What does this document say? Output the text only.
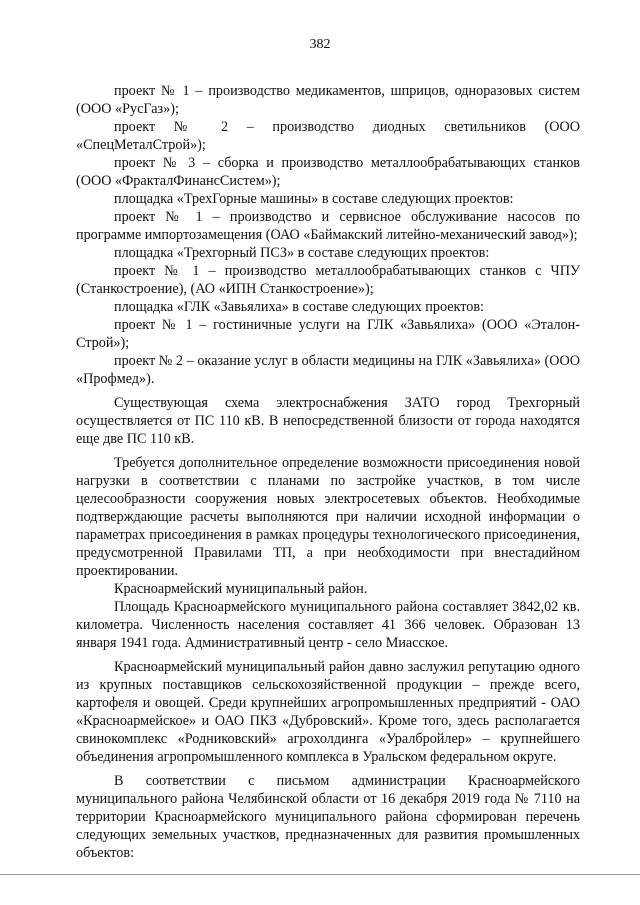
382

проект № 1 – производство медикаментов, шприцов, одноразовых систем (ООО «РусГаз»);

проект № 2 – производство диодных светильников (ООО «СпецМеталСтрой»);

проект № 3 – сборка и производство металлообрабатывающих станков (ООО «ФракталФинансСистем»);

площадка «ТрехГорные машины» в составе следующих проектов:

проект № 1 – производство и сервисное обслуживание насосов по программе импортозамещения (ОАО «Баймакский литейно-механический завод»);

площадка «Трехгорный ПСЗ» в составе следующих проектов:

проект № 1 – производство металлообрабатывающих станков с ЧПУ (Станкостроение), (АО «ИПН Станкостроение»);

площадка «ГЛК «Завьялиха» в составе следующих проектов:

проект № 1 – гостиничные услуги на ГЛК «Завьялиха» (ООО «Эталон-Строй»);

проект № 2 – оказание услуг в области медицины на ГЛК «Завьялиха» (ООО «Профмед»).

Существующая схема электроснабжения ЗАТО город Трехгорный осуществляется от ПС 110 кВ. В непосредственной близости от города находятся еще две ПС 110 кВ.

Требуется дополнительное определение возможности присоединения новой нагрузки в соответствии с планами по застройке участков, в том числе целесообразности сооружения новых электросетевых объектов. Необходимые подтверждающие расчеты выполняются при наличии исходной информации о параметрах присоединения в рамках процедуры технологического присоединения, предусмотренной Правилами ТП, а при необходимости при внестадийном проектировании.

Красноармейский муниципальный район.

Площадь Красноармейского муниципального района составляет 3842,02 кв. километра. Численность населения составляет 41 366 человек. Образован 13 января 1941 года. Административный центр - село Миасское.

Красноармейский муниципальный район давно заслужил репутацию одного из крупных поставщиков сельскохозяйственной продукции – прежде всего, картофеля и овощей. Среди крупнейших агропромышленных предприятий - ОАО «Красноармейское» и ОАО ПКЗ «Дубровский». Кроме того, здесь располагается свинокомплекс «Родниковский» агрохолдинга «Уралбройлер» – крупнейшего объединения агропромышленного комплекса в Уральском федеральном округе.

В соответствии с письмом администрации Красноармейского муниципального района Челябинской области от 16 декабря 2019 года № 7110 на территории Красноармейского муниципального района сформирован перечень следующих земельных участков, предназначенных для развития промышленных объектов:
